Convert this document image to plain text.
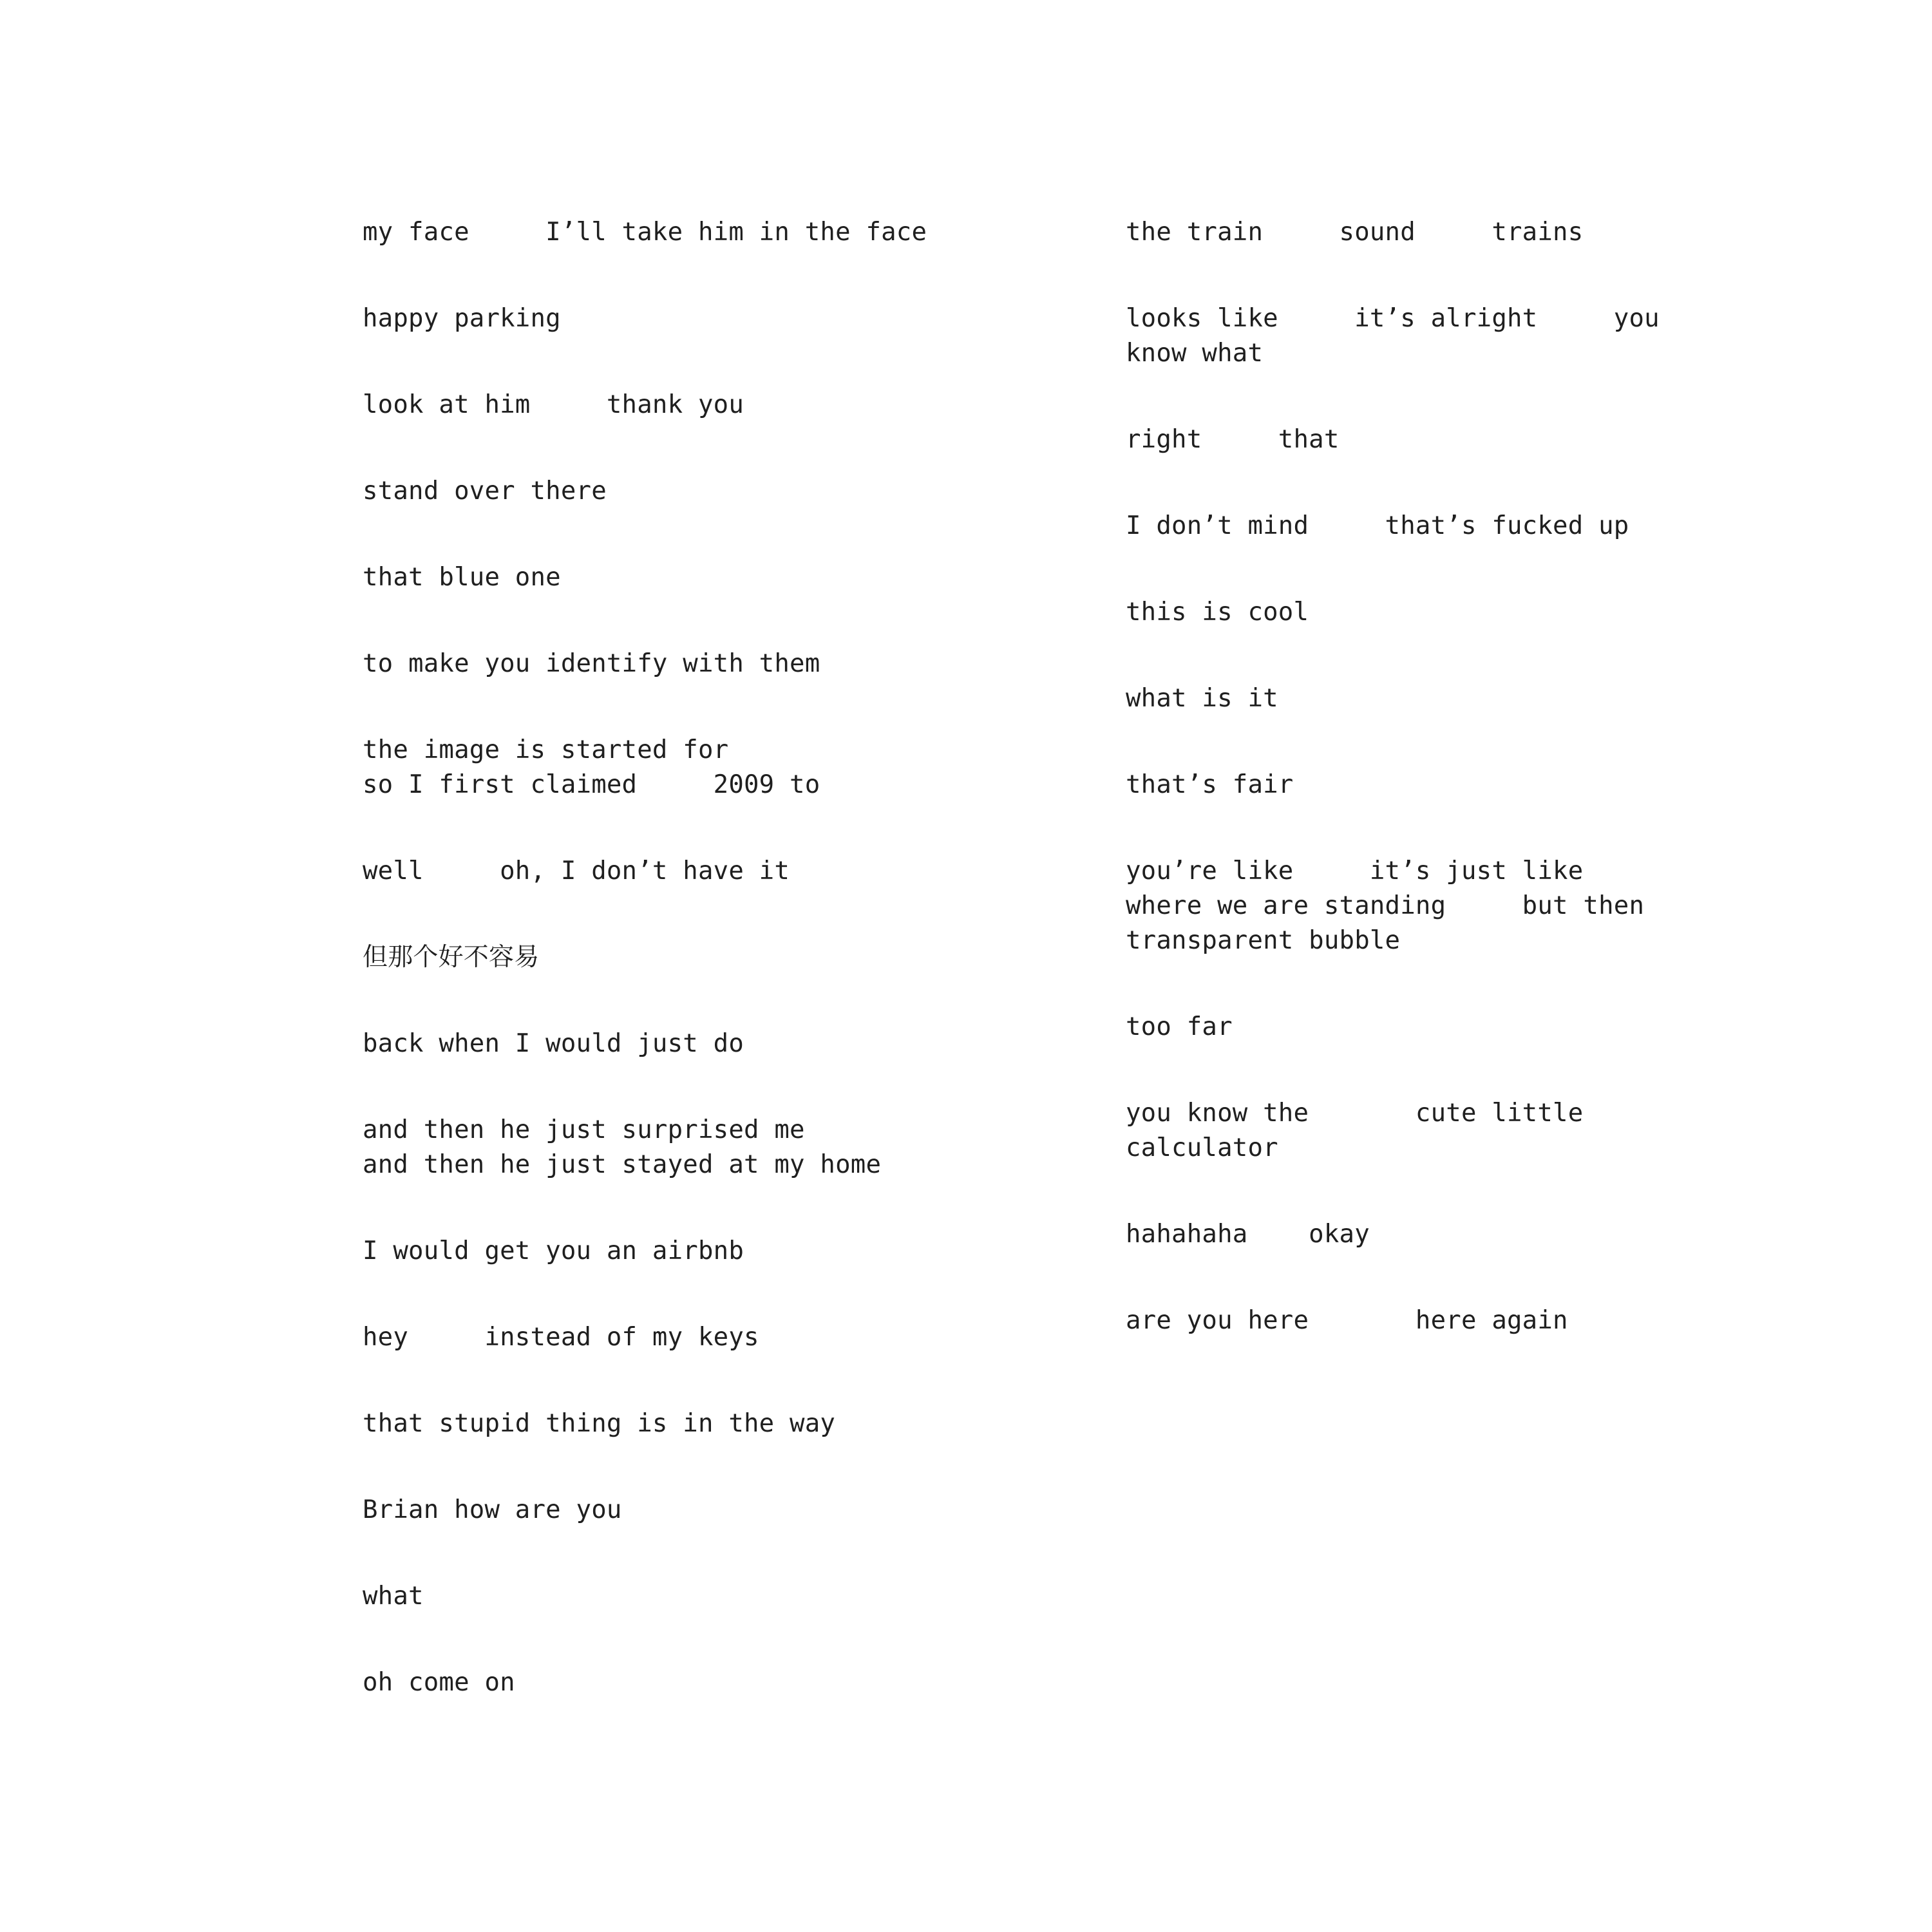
my face     I’ll take him in the face
happy parking
look at him     thank you
stand over there
that blue one
to make you identify with them
the image is started for
so I first claimed     2009 to
well     oh, I don’t have it
但那个好不容易
back when I would just do
and then he just surprised me
and then he just stayed at my home
I would get you an airbnb
hey     instead of my keys
that stupid thing is in the way
Brian how are you
what
oh come on
the train     sound     trains
looks like     it’s alright     you
know what
right     that
I don’t mind     that’s fucked up
this is cool
what is it
that’s fair
you’re like     it’s just like
where we are standing     but then
transparent bubble
too far
you know the       cute little
calculator
hahahaha    okay
are you here       here again
